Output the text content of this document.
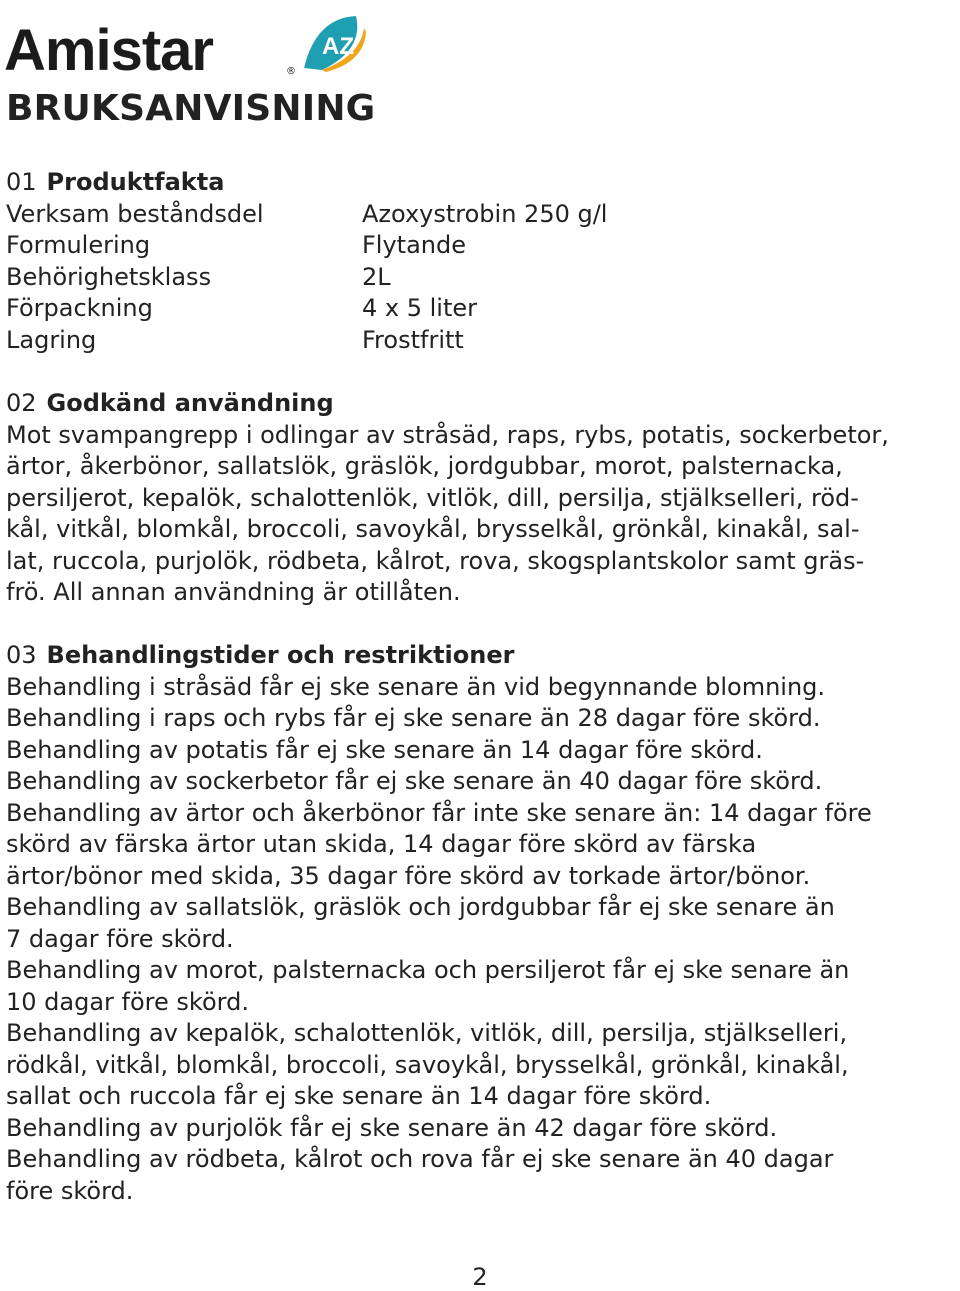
Amistar	®
AZ
BRUKSANVISNING
01 Produktfakta
Verksam beståndsdel	Azoxystrobin 250 g/l
Formulering	Flytande
Behörighetsklass	2L
Förpackning	4 x 5 liter
Lagring	Frostfritt
02 Godkänd användning

Mot svampangrepp i odlingar av stråsäd, raps, rybs, potatis, sockerbetor,
ärtor, åkerbönor, sallatslök, gräslök, jordgubbar, morot, palsternacka,
persiljerot, kepalök, schalottenlök, vitlök, dill, persilja, stjälkselleri, röd-
kål, vitkål, blomkål, broccoli, savoykål, brysselkål, grönkål, kinakål, sal-
lat, ruccola, purjolök, rödbeta, kålrot, rova, skogsplantskolor samt gräs-
frö. All annan användning är otillåten.

03 Behandlingstider och restriktioner

Behandling i stråsäd får ej ske senare än vid begynnande blomning.
Behandling i raps och rybs får ej ske senare än 28 dagar före skörd.
Behandling av potatis får ej ske senare än 14 dagar före skörd.
Behandling av sockerbetor får ej ske senare än 40 dagar före skörd.
Behandling av ärtor och åkerbönor får inte ske senare än: 14 dagar före
skörd av färska ärtor utan skida, 14 dagar före skörd av färska
ärtor/bönor med skida, 35 dagar före skörd av torkade ärtor/bönor.
Behandling av sallatslök, gräslök och jordgubbar får ej ske senare än
7 dagar före skörd.
Behandling av morot, palsternacka och persiljerot får ej ske senare än
10 dagar före skörd.
Behandling av kepalök, schalottenlök, vitlök, dill, persilja, stjälkselleri,
rödkål, vitkål, blomkål, broccoli, savoykål, brysselkål, grönkål, kinakål,
sallat och ruccola får ej ske senare än 14 dagar före skörd.
Behandling av purjolök får ej ske senare än 42 dagar före skörd.
Behandling av rödbeta, kålrot och rova får ej ske senare än 40 dagar
före skörd.

2
